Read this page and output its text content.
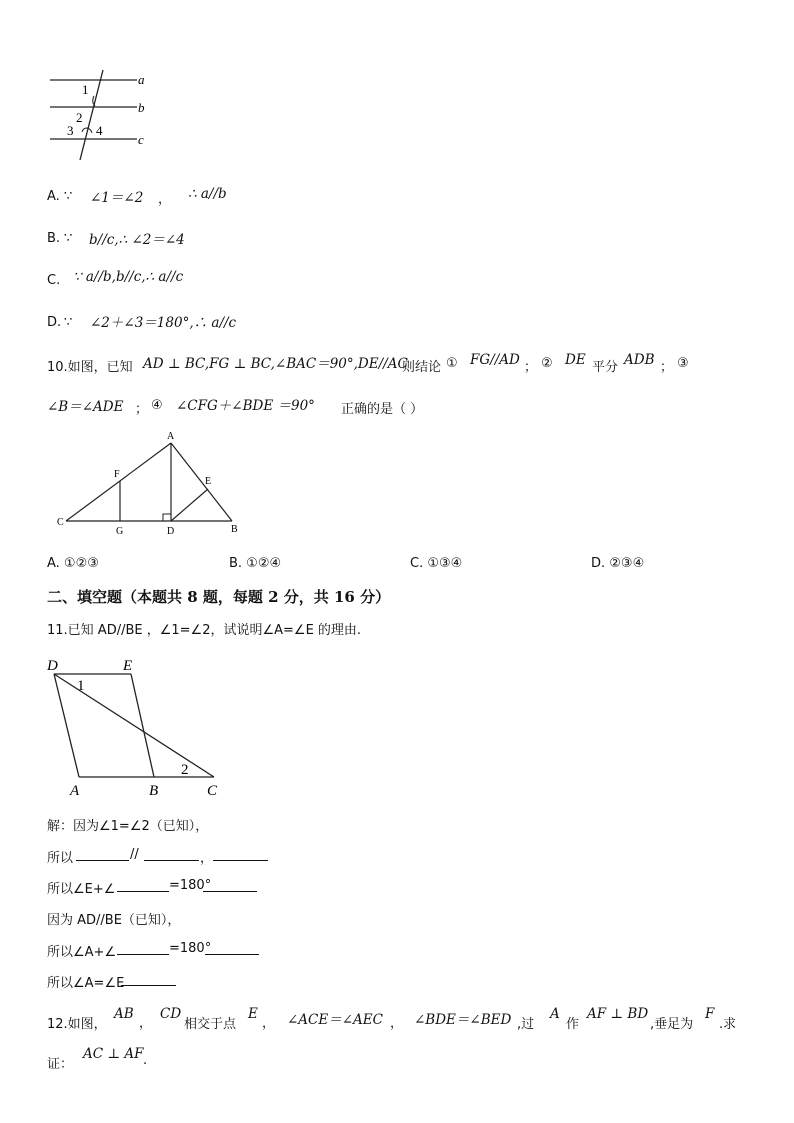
a
b
c
1
2
3 4
A. ∵ ∠1＝∠2 ， ∴ a//b
B. ∵ b//c,∴ ∠2＝∠4
C. ∵ a//b,b//c,∴ a//c
D. ∵ ∠2＋∠3＝180°,∴ a//c
10.如图，已知 AD ⊥ BC,FG ⊥ BC,∠BAC＝90°,DE//AC
则结论 ① FG//AD ； ② DE 平分 ADB ； ③
∠B＝∠ADE ； ④ ∠CFG＋∠BDE ＝90° 正确的是（ ）
A
F
E
C
G	D	B
A. ①②③	B. ①②④	C. ①③④	D. ②③④
二、填空题（本题共 8 题，每题 2 分，共 16 分）
11.已知 AD//BE ，∠1=∠2，试说明∠A=∠E 的理由.
D	E
1
2
A	B	C
解：因为∠1=∠2（已知），
所以	//	，
所以∠E+∠	=180°
因为 AD//BE（已知），
所以∠A+∠	=180°
所以∠A=∠E
12.如图，
AB
，
CD
相交于点
E
， ∠ACE＝∠AEC ， ∠BDE＝∠BED ,过
A
作
AF ⊥ BD
,垂足为
F
.求
证：
AC ⊥ AF .
